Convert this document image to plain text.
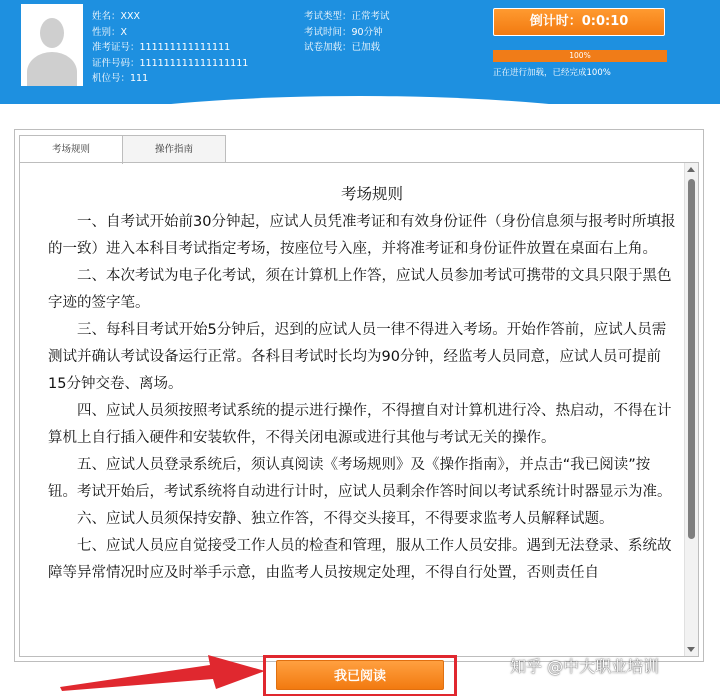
姓名：XXX
性别：X
准考证号：111111111111111
证件号码：111111111111111111
机位号：111
考试类型：正常考试
考试时间：90分钟
试卷加载：已加载
倒计时：0:0:10
100%
正在进行加载，已经完成100%
考场规则	操作指南
考场规则

一、自考试开始前30分钟起，应试人员凭准考证和有效身份证件（身份信息须与报考时所填报的一致）进入本科目考试指定考场，按座位号入座，并将准考证和身份证件放置在桌面右上角。

二、本次考试为电子化考试，须在计算机上作答，应试人员参加考试可携带的文具只限于黑色字迹的签字笔。

三、每科目考试开始5分钟后，迟到的应试人员一律不得进入考场。开始作答前，应试人员需测试并确认考试设备运行正常。各科目考试时长均为90分钟，经监考人员同意，应试人员可提前15分钟交卷、离场。

四、应试人员须按照考试系统的提示进行操作，不得擅自对计算机进行冷、热启动，不得在计算机上自行插入硬件和安装软件，不得关闭电源或进行其他与考试无关的操作。

五、应试人员登录系统后，须认真阅读《考场规则》及《操作指南》，并点击“我已阅读”按钮。考试开始后，考试系统将自动进行计时，应试人员剩余作答时间以考试系统计时器显示为准。

六、应试人员须保持安静、独立作答，不得交头接耳，不得要求监考人员解释试题。

七、应试人员应自觉接受工作人员的检查和管理，服从工作人员安排。遇到无法登录、系统故障等异常情况时应及时举手示意，由监考人员按规定处理，不得自行处置，否则责任自

我已阅读	知乎 @中大职业培训
